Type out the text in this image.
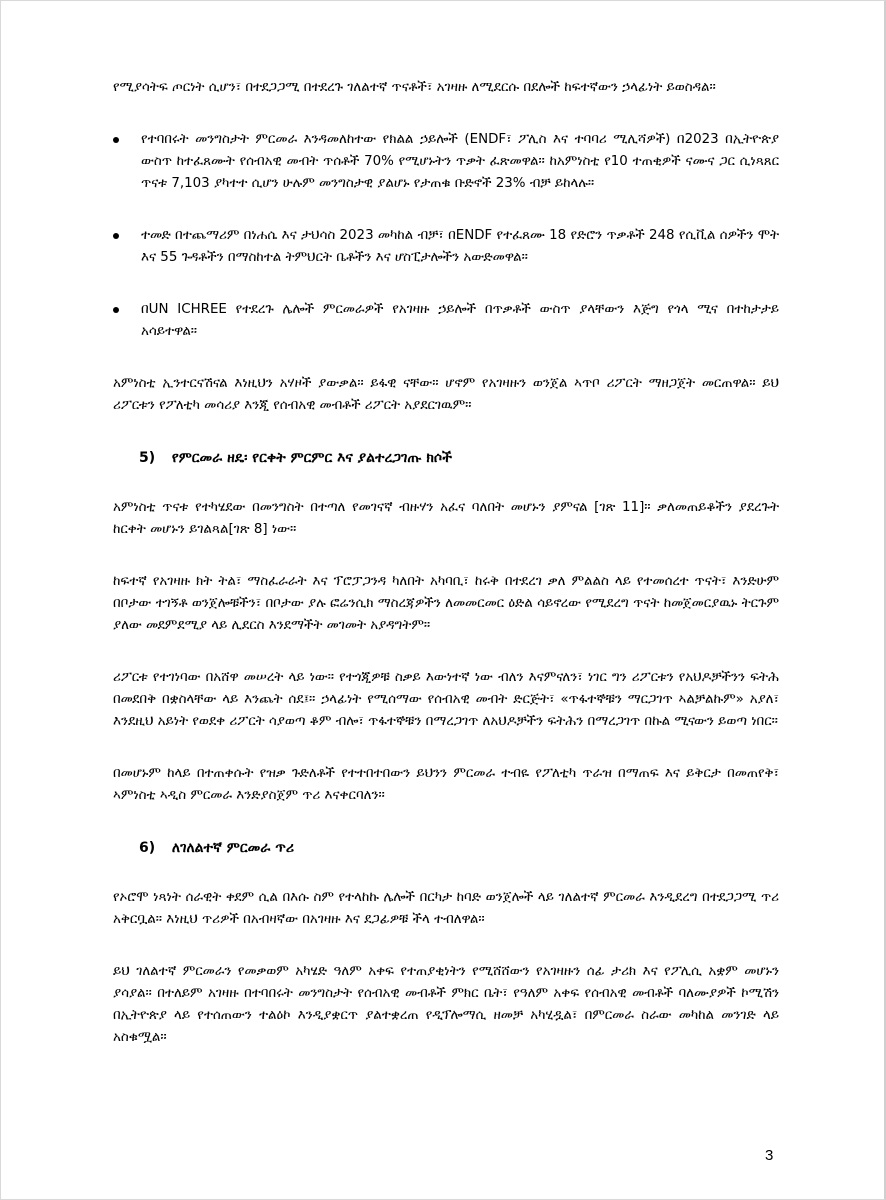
የሚያሳትፍ ጦርነት ሲሆን፣ በተደጋጋሚ በተደረጉ ገለልተኛ ጥናቶች፣ አገዛዙ ለሚደርሱ በደሎች ከፍተኛውን ኃላፊነት ይወስዳል።

የተባበሩት መንግስታት ምርመራ እንዳመለከተው የክልል ኃይሎች (ENDF፣ ፖሊስ እና ተባባሪ ሚሊሻዎች) በ2023 በኢትዮጵያ ውስጥ ከተፈጸሙት የሰብአዊ መብት ጥሰቶች 70% የሚሆኑትን ጥቃት ፈጽመዋል። ከአምነስቲ የ10 ተጠቂዎች ናሙና ጋር ሲነጻጸር ጥናቱ 7,103 ያካተተ ሲሆን ሁሉም መንግስታዊ ያልሆኑ የታጠቁ ቡድኖች 23% ብቻ ይከላሉ።
ተመድ በተጨማሪም በነሐሴ እና ታህሳስ 2023 መካከል ብቻ፣ በENDF የተፈጸሙ 18 የድሮን ጥቃቶች 248 የሲቪል ሰዎችን ሞት እና 55 ጉዳቶችን በማስከተል ትምህርት ቤቶችን እና ሆስፒታሎችን አውድመዋል።
በUN ICHREE የተደረጉ ሌሎች ምርመራዎች የአገዛዙ ኃይሎች በጥቃቶች ውስጥ ያላቸውን እጅግ የጎላ ሚና በተከታታይ አሳይተዋል።

አምነስቲ ኢንተርናሽናል እነዚህን አሃዞች ያውቃል። ይፋዊ ናቸው። ሆኖም የአገዛዙን ወንጀል ኣጥቦ ሪፖርት ማዘጋጀት መርጠዋል። ይህ ሪፖርቱን የፖለቲካ መሳሪያ እንጂ የሰብአዊ መብቶች ሪፖርት አያደርገዉም።

5) የምርመራ ዘዴ፡ የርቀት ምርምር እና ያልተረጋገጡ ክሶች

አምነስቲ ጥናቱ የተካሄደው በመንግስት በተጣለ የመገናኛ ብዙሃን አፈና ባለበት መሆኑን ያምናል [ገጽ 11]። ቃለመጠይቆችን ያደረጉት ከርቀት መሆኑን ይገልጻል[ገጽ 8] ነው።

ከፍተኛ የአገዛዙ ክት ትል፣ ማስፈራራት እና ፕሮፓጋንዳ ካለበት አካባቢ፣ ከሩቅ በተደረገ ቃለ ምልልስ ላይ የተመሰረተ ጥናት፣ እንድሁም በቦታው ተገኝቶ ወንጀሎቹችን፣ በቦታው ያሉ ፎሬንሲክ ማስረጃዎችን ለመመርመር ዕድል ሳይኖረው የሚደረግ ጥናት ከመጀመርያዉኑ ትርጉም ያለው መደምደሚያ ላይ ሊደርስ እንደማችት መገመት አያዳግትም።

ሪፖርቱ የተገነባው በአሸዋ መሠረት ላይ ነው። የተጎጂዎቹ ስቃይ እውነተኛ ነው ብለን እናምናለን፣ ነገር ግን ሪፖርቱን የአህዶቻችንን ፍትሕ በመደበቅ በቋስላቸው ላይ እንጨት ሰደ፤። ኃላፊነት የሚሰማው የሰብአዊ መብት ድርጅት፣ «ጥፋተኞቹን ማርጋገጥ ኣልቻልኩም» አያለ፣ እንደዚህ አይነት የወደቀ ሪፖርት ሳያወጣ ቆም ብሎ፣ ጥፋተኞቹን በማረጋገጥ ለአህዶቻችን ፍትሕን በማረጋገጥ በኩል ሚናውን ይወጣ ነበር።

በመሆኑም ከላይ በተጠቀሱት የዝቃ ጉድለቶች የተተበተበውን ይህንን ምርመራ ተብዬ የፖለቲካ ጥራዝ በማጠፍ እና ይቅርታ በመጠየቅ፣ ኣምነስቲ ኣዲስ ምርመራ እንድያስጀም ጥሪ እናቀርባለን።

6) ለገለልተኛ ምርመራ ጥሪ

የኦሮሞ ነጻነት ሰራዊት ቀደም ሲል በእሱ ስም የተላከኩ ሌሎች በርካታ ከባድ ወንጀሎች ላይ ገለልተኛ ምርመራ እንዲደረግ በተደጋጋሚ ጥሪ አቅርቧል። እነዚህ ጥሪዎች በአብዛኛው በአገዛዙ እና ደጋፊዎቹ ችላ ተብለዋል።

ይህ ገለልተኛ ምርመራን የመቃወም አካሄድ ዓለም አቀፍ የተጠያቂነትን የሚሸሸውን የአገዛዙን ሰፊ ታሪክ እና የፖሊሲ አቋም መሆኑን ያሳያል። በተለይም አገዛዙ በተባበሩት መንግስታት የሰብአዊ መብቶች ምክር ቤት፣ የዓለም አቀፍ የሰብአዊ መብቶች ባለሙያዎች ኮሚሽን በኢትዮጵያ ላይ የተሰጠውን ተልዕኮ እንዲያቋርጥ ያልተቋረጠ የዲፕሎማሲ ዘመቻ አካሂዷል፣ በምርመራ ስራው መካከል መንገድ ላይ አስቁሟል።

3
